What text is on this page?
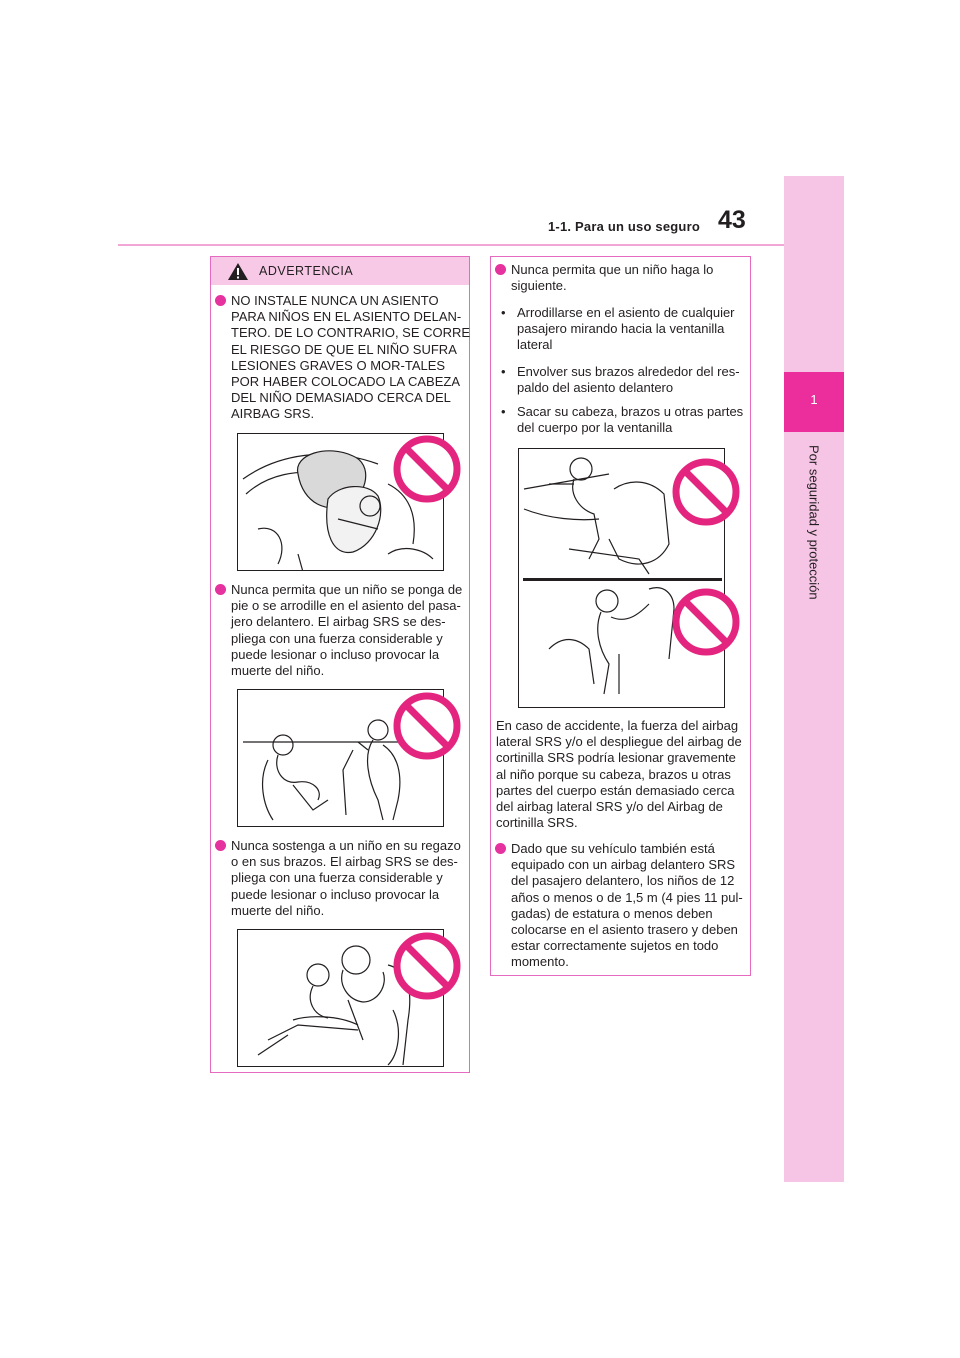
1-1. Para un uso seguro 43
1
Por seguridad y protección
ADVERTENCIA
NO INSTALE NUNCA UN ASIENTO PARA NIÑOS EN EL ASIENTO DELAN-TERO. DE LO CONTRARIO, SE CORRE EL RIESGO DE QUE EL NIÑO SUFRA LESIONES GRAVES O MOR-TALES POR HABER COLOCADO LA CABEZA DEL NIÑO DEMASIADO CERCA DEL AIRBAG SRS.
Nunca permita que un niño se ponga de pie o se arrodille en el asiento del pasa-jero delantero. El airbag SRS se des-pliega con una fuerza considerable y puede lesionar o incluso provocar la muerte del niño.
Nunca sostenga a un niño en su regazo o en sus brazos. El airbag SRS se des-pliega con una fuerza considerable y puede lesionar o incluso provocar la muerte del niño.
Nunca permita que un niño haga lo siguiente.
• Arrodillarse en el asiento de cualquier pasajero mirando hacia la ventanilla lateral
• Envolver sus brazos alrededor del res-paldo del asiento delantero
• Sacar su cabeza, brazos u otras partes del cuerpo por la ventanilla
En caso de accidente, la fuerza del airbag lateral SRS y/o el despliegue del airbag de cortinilla SRS podría lesionar gravemente al niño porque su cabeza, brazos u otras partes del cuerpo están demasiado cerca del airbag lateral SRS y/o del Airbag de cortinilla SRS.
Dado que su vehículo también está equipado con un airbag delantero SRS del pasajero delantero, los niños de 12 años o menos o de 1,5 m (4 pies 11 pul-gadas) de estatura o menos deben colocarse en el asiento trasero y deben estar correctamente sujetos en todo momento.
